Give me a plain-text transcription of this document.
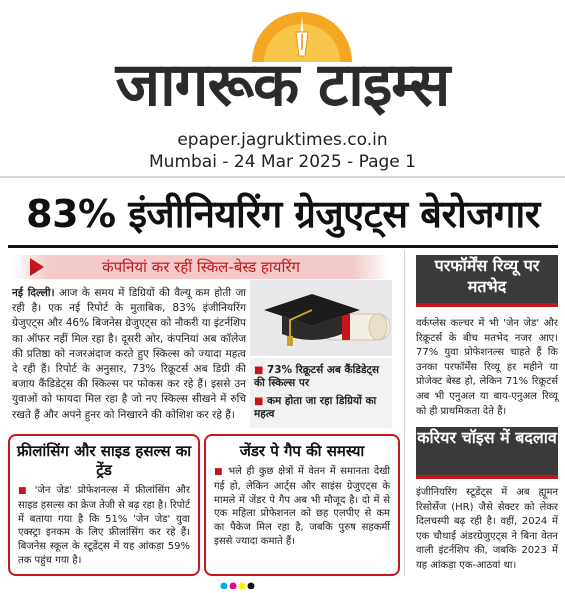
जागरूक टाइम्स
epaper.jagruktimes.co.in
Mumbai - 24 Mar 2025 - Page 1
83% इंजीनियरिंग ग्रेजुएट्स बेरोजगार
कंपनियां कर रहीं स्किल-बेस्ड हायरिंग
नई दिल्ली। आज के समय में डिग्रियों की वैल्यू कम होती जा रही है। एक नई रिपोर्ट के मुताबिक, 83% इंजीनियरिंग ग्रेजुएट्स और 46% बिजनेस ग्रेजुएट्स को नौकरी या इंटर्नशिप का ऑफर नहीं मिल रहा है। दूसरी ओर, कंपनियां अब कॉलेज की प्रतिष्ठा को नजरअंदाज करते हुए स्किल्स को ज्यादा महत्व दे रही हैं। रिपोर्ट के अनुसार, 73% रिक्रूटर्स अब डिग्री की बजाय कैंडिडेट्स की स्किल्स पर फोकस कर रहे हैं। इससे उन युवाओं को फायदा मिल रहा है जो नए स्किल्स सीखने में रुचि रखते हैं और अपने हुनर को निखारने की कोशिश कर रहे हैं।
■ 73% रिक्रूटर्स अब कैंडिडेट्स की स्किल्स पर
■ कम होता जा रहा डिग्रियों का महत्व
परफॉर्मेंस रिव्यू पर मतभेद
वर्कप्लेस कल्चर में भी 'जेन जेड' और रिक्रूटर्स के बीच मतभेद नजर आए। 77% युवा प्रोफेशनल्स चाहते हैं कि उनका परफॉर्मेंस रिव्यू हर महीने या प्रोजेक्ट बेस्ड हो, लेकिन 71% रिक्रूटर्स अब भी एनुअल या बाय-एनुअल रिव्यू को ही प्राथमिकता देते हैं।
करियर चॉइस में बदलाव
इंजीनियरिंग स्टूडेंट्स में अब ह्यूमन रिसोर्सेज (HR) जैसे सेक्टर को लेकर दिलचस्पी बढ़ रही है। वहीं, 2024 में एक चौथाई अंडरग्रेजुएट्स ने बिना वेतन वाली इंटर्नशिप की, जबकि 2023 में यह आंकड़ा एक-आठवां था।
फ्रीलांसिंग और साइड हसल्स का ट्रेंड
■ 'जेन जेड' प्रोफेशनल्स में फ्रीलांसिंग और साइड हसल्स का क्रेज तेजी से बढ़ रहा है। रिपोर्ट में बताया गया है कि 51% 'जेन जेड' युवा एक्स्ट्रा इनकम के लिए फ्रीलांसिंग कर रहे हैं। बिजनेस स्कूल के स्टूडेंट्स में यह आंकड़ा 59% तक पहुंच गया है।
जेंडर पे गैप की समस्या
■ भले ही कुछ क्षेत्रों में वेतन में समानता देखी गई हो, लेकिन आर्ट्स और साइंस ग्रेजुएट्स के मामले में जेंडर पे गैप अब भी मौजूद है। दो में से एक महिला प्रोफेशनल को छह एलपीए से कम का पैकेज मिल रहा है, जबकि पुरुष सहकर्मी इससे ज्यादा कमाते हैं।
